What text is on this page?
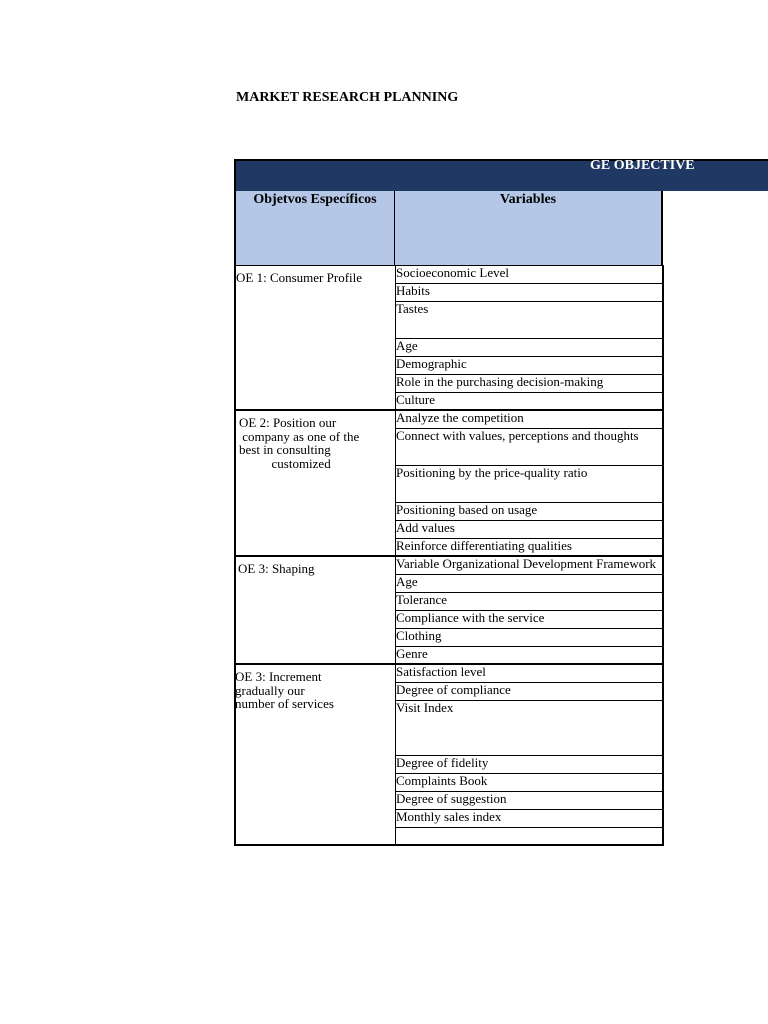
MARKET RESEARCH PLANNING
GE OBJECTIVE
Objetvos Específicos	Variables
Socioeconomic Level
Habits
Tastes
Age
Demographic
Role in the purchasing decision-making
Culture
OE 1: Consumer Profile
Analyze the competition
Connect with values, perceptions and thoughts
Positioning by the price-quality ratio
Positioning based on usage
Add values
Reinforce differentiating qualities
OE 2: Position our
company as one of the
best in consulting
customized
Variable Organizational Development Framework
Age
Tolerance
Compliance with the service
Clothing
Genre
OE 3: Shaping
Satisfaction level
Degree of compliance
Visit Index
Degree of fidelity
Complaints Book
Degree of suggestion
Monthly sales index
OE 3: Increment
gradually our
number of services
